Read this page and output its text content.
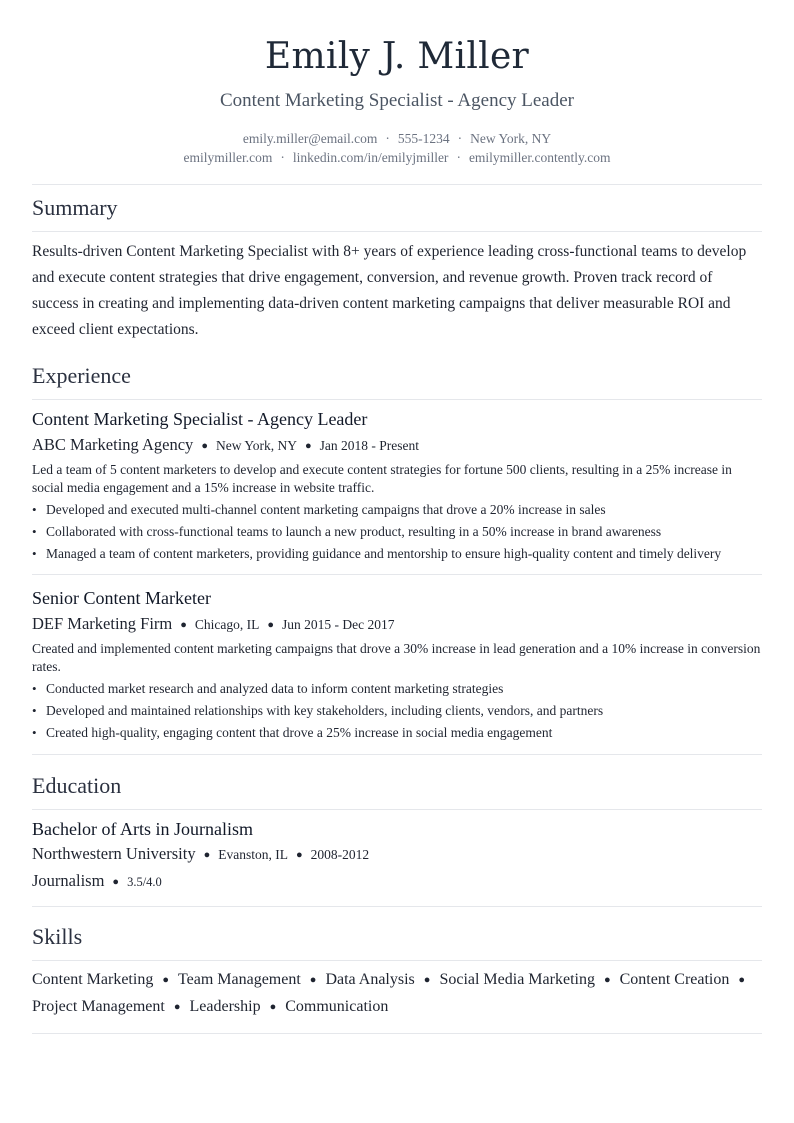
Emily J. Miller
Content Marketing Specialist - Agency Leader
emily.miller@email.com · 555-1234 · New York, NY
emilymiller.com · linkedin.com/in/emilyjmiller · emilymiller.contently.com
Summary
Results-driven Content Marketing Specialist with 8+ years of experience leading cross-functional teams to develop and execute content strategies that drive engagement, conversion, and revenue growth. Proven track record of success in creating and implementing data-driven content marketing campaigns that deliver measurable ROI and exceed client expectations.
Experience
Content Marketing Specialist - Agency Leader
ABC Marketing Agency ● New York, NY ● Jan 2018 - Present
Led a team of 5 content marketers to develop and execute content strategies for fortune 500 clients, resulting in a 25% increase in social media engagement and a 15% increase in website traffic.
• Developed and executed multi-channel content marketing campaigns that drove a 20% increase in sales
• Collaborated with cross-functional teams to launch a new product, resulting in a 50% increase in brand awareness
• Managed a team of content marketers, providing guidance and mentorship to ensure high-quality content and timely delivery
Senior Content Marketer
DEF Marketing Firm ● Chicago, IL ● Jun 2015 - Dec 2017
Created and implemented content marketing campaigns that drove a 30% increase in lead generation and a 10% increase in conversion rates.
• Conducted market research and analyzed data to inform content marketing strategies
• Developed and maintained relationships with key stakeholders, including clients, vendors, and partners
• Created high-quality, engaging content that drove a 25% increase in social media engagement
Education
Bachelor of Arts in Journalism
Northwestern University ● Evanston, IL ● 2008-2012
Journalism ● 3.5/4.0
Skills
Content Marketing ● Team Management ● Data Analysis ● Social Media Marketing ● Content Creation ●
Project Management ● Leadership ● Communication
